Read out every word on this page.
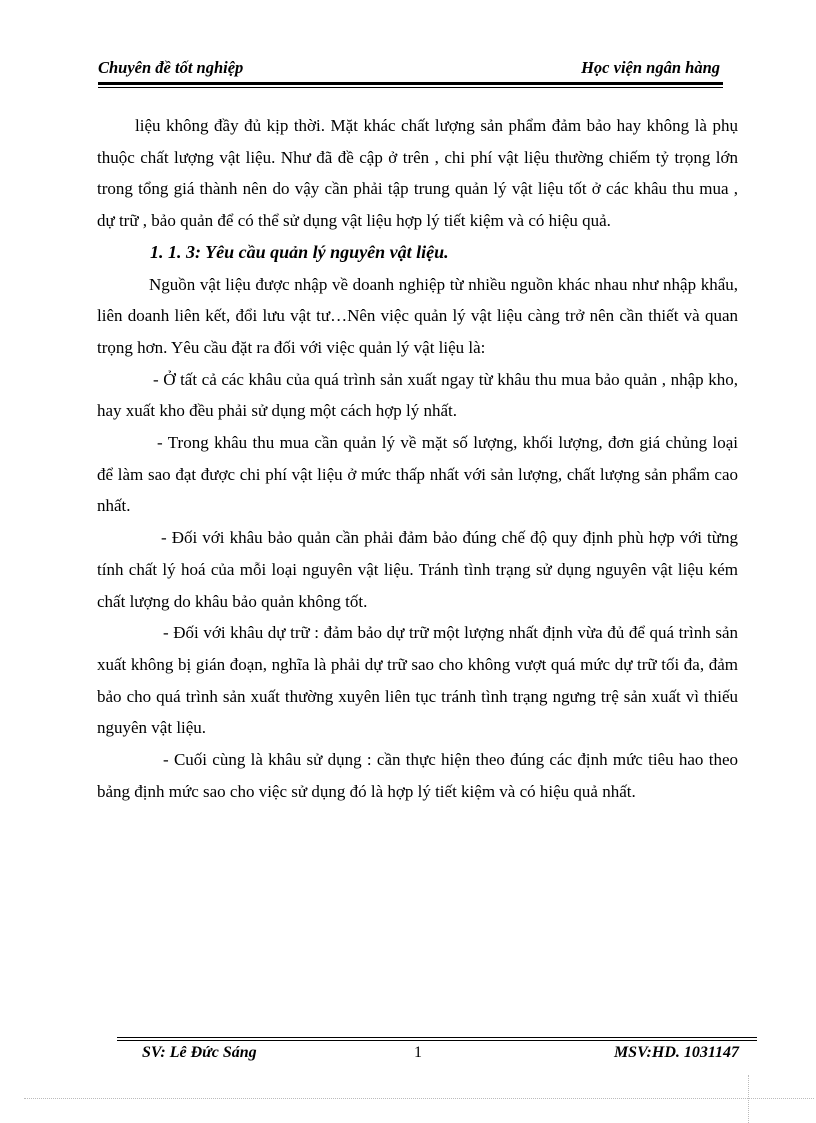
Chuyên đề tốt nghiệp	Học viện ngân hàng

liệu không đầy đủ kịp thời. Mặt khác chất lượng sản phẩm đảm bảo hay không là phụ thuộc chất lượng vật liệu. Như đã đề cập ở trên , chi phí vật liệu thường chiếm tỷ trọng lớn trong tổng giá thành nên do vậy cần phải tập trung quản lý vật liệu tốt ở các khâu thu mua , dự trữ , bảo quản để có thể sử dụng vật liệu hợp lý tiết kiệm và có hiệu quả.

1. 1. 3: Yêu cầu quản lý nguyên vật liệu.

Nguồn vật liệu được nhập về doanh nghiệp từ nhiều nguồn khác nhau như nhập khẩu, liên doanh liên kết, đổi lưu vật tư…Nên việc quản lý vật liệu càng trở nên cần thiết và quan trọng hơn. Yêu cầu đặt ra đối với việc quản lý vật liệu là:

- Ở tất cả các khâu của quá trình sản xuất ngay từ khâu thu mua bảo quản , nhập kho, hay xuất kho đều phải sử dụng một cách hợp lý nhất.

- Trong khâu thu mua cần quản lý về mặt số lượng, khối lượng, đơn giá chủng loại để làm sao đạt được chi phí vật liệu ở mức thấp nhất với sản lượng, chất lượng sản phẩm cao nhất.

- Đối với khâu bảo quản cần phải đảm bảo đúng chế độ quy định phù hợp với từng tính chất lý hoá của mỗi loại nguyên vật liệu. Tránh tình trạng sử dụng nguyên vật liệu kém chất lượng do khâu bảo quản không tốt.

- Đối với khâu dự trữ : đảm bảo dự trữ một lượng nhất định vừa đủ để quá trình sản xuất không bị gián đoạn, nghĩa là phải dự trữ sao cho không vượt quá mức dự trữ tối đa, đảm bảo cho quá trình sản xuất thường xuyên liên tục tránh tình trạng ngưng trệ sản xuất vì thiếu nguyên vật liệu.

- Cuối cùng là khâu sử dụng : cần thực hiện theo đúng các định mức tiêu hao theo bảng định mức sao cho việc sử dụng đó là hợp lý tiết kiệm và có hiệu quả nhất.

SV: Lê Đức Sáng	1	MSV:HD. 1031147
